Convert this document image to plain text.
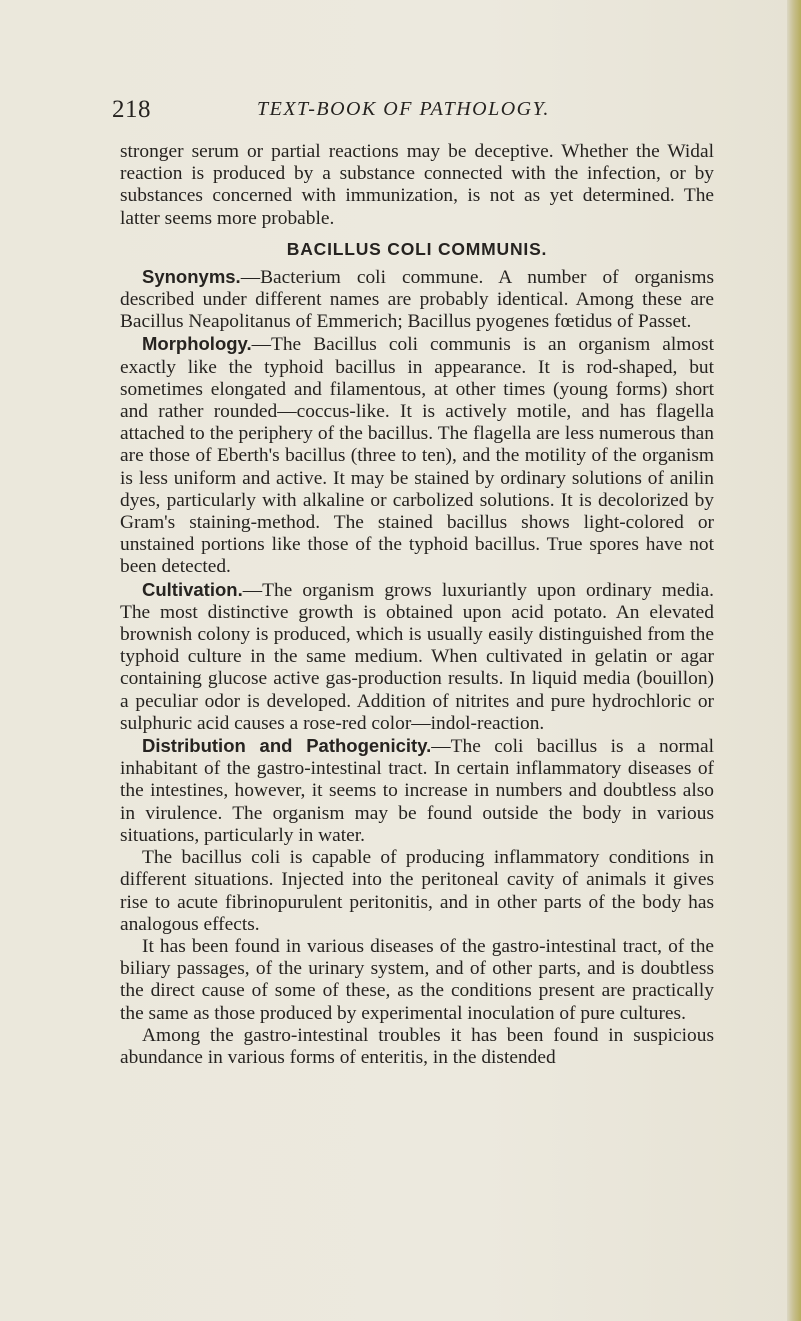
218	TEXT-BOOK OF PATHOLOGY.

stronger serum or partial reactions may be deceptive. Whether the Widal reaction is produced by a substance connected with the infection, or by substances concerned with immunization, is not as yet determined. The latter seems more probable.

BACILLUS COLI COMMUNIS.

Synonyms.—Bacterium coli commune. A number of organisms described under different names are probably identical. Among these are Bacillus Neapolitanus of Emmerich; Bacillus pyogenes fœtidus of Passet.

Morphology.—The Bacillus coli communis is an organism almost exactly like the typhoid bacillus in appearance. It is rod-shaped, but sometimes elongated and filamentous, at other times (young forms) short and rather rounded—coccus-like. It is actively motile, and has flagella attached to the periphery of the bacillus. The flagella are less numerous than are those of Eberth's bacillus (three to ten), and the motility of the organism is less uniform and active. It may be stained by ordinary solutions of anilin dyes, particularly with alkaline or carbolized solutions. It is decolorized by Gram's staining-method. The stained bacillus shows light-colored or unstained portions like those of the typhoid bacillus. True spores have not been detected.

Cultivation.—The organism grows luxuriantly upon ordinary media. The most distinctive growth is obtained upon acid potato. An elevated brownish colony is produced, which is usually easily distinguished from the typhoid culture in the same medium. When cultivated in gelatin or agar containing glucose active gas-production results. In liquid media (bouillon) a peculiar odor is developed. Addition of nitrites and pure hydrochloric or sulphuric acid causes a rose-red color—indol-reaction.

Distribution and Pathogenicity.—The coli bacillus is a normal inhabitant of the gastro-intestinal tract. In certain inflammatory diseases of the intestines, however, it seems to increase in numbers and doubtless also in virulence. The organism may be found outside the body in various situations, particularly in water.

The bacillus coli is capable of producing inflammatory conditions in different situations. Injected into the peritoneal cavity of animals it gives rise to acute fibrinopurulent peritonitis, and in other parts of the body has analogous effects.

It has been found in various diseases of the gastro-intestinal tract, of the biliary passages, of the urinary system, and of other parts, and is doubtless the direct cause of some of these, as the conditions present are practically the same as those produced by experimental inoculation of pure cultures.

Among the gastro-intestinal troubles it has been found in suspicious abundance in various forms of enteritis, in the distended
